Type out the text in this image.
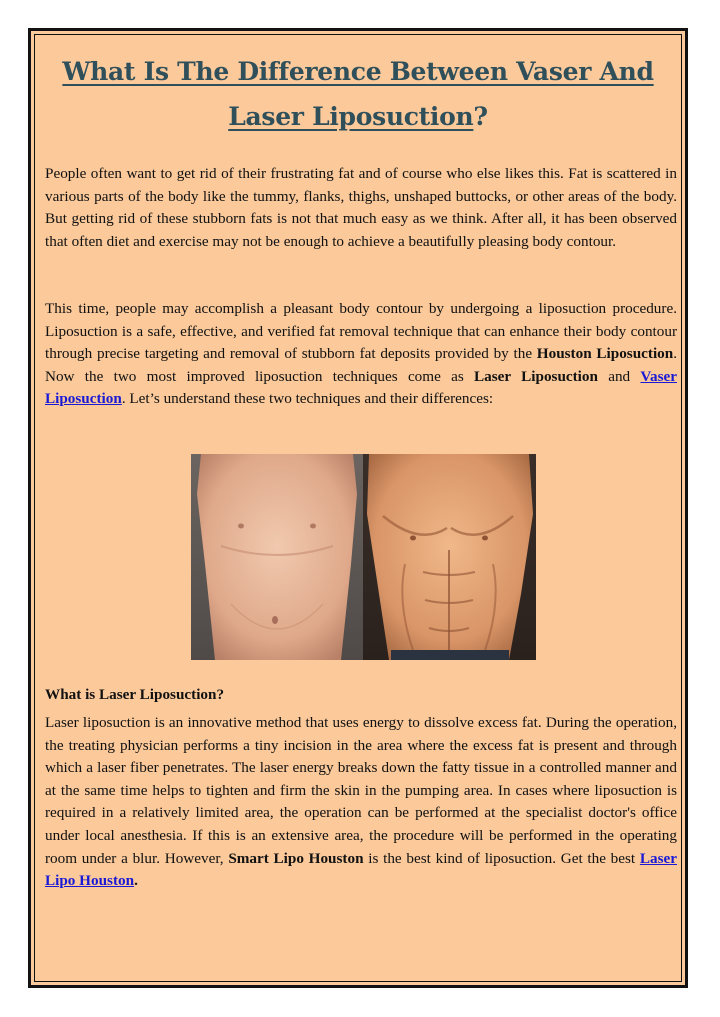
What Is The Difference Between Vaser And
Laser Liposuction?

People often want to get rid of their frustrating fat and of course who else likes this. Fat is scattered in various parts of the body like the tummy, flanks, thighs, unshaped buttocks, or other areas of the body. But getting rid of these stubborn fats is not that much easy as we think. After all, it has been observed that often diet and exercise may not be enough to achieve a beautifully pleasing body contour.

This time, people may accomplish a pleasant body contour by undergoing a liposuction procedure. Liposuction is a safe, effective, and verified fat removal technique that can enhance their body contour through precise targeting and removal of stubborn fat deposits provided by the Houston Liposuction. Now the two most improved liposuction techniques come as Laser Liposuction and Vaser Liposuction. Let’s understand these two techniques and their differences:

What is Laser Liposuction?

Laser liposuction is an innovative method that uses energy to dissolve excess fat. During the operation, the treating physician performs a tiny incision in the area where the excess fat is present and through which a laser fiber penetrates. The laser energy breaks down the fatty tissue in a controlled manner and at the same time helps to tighten and firm the skin in the pumping area. In cases where liposuction is required in a relatively limited area, the operation can be performed at the specialist doctor's office under local anesthesia. If this is an extensive area, the procedure will be performed in the operating room under a blur. However, Smart Lipo Houston is the best kind of liposuction. Get the best Laser Lipo Houston.
